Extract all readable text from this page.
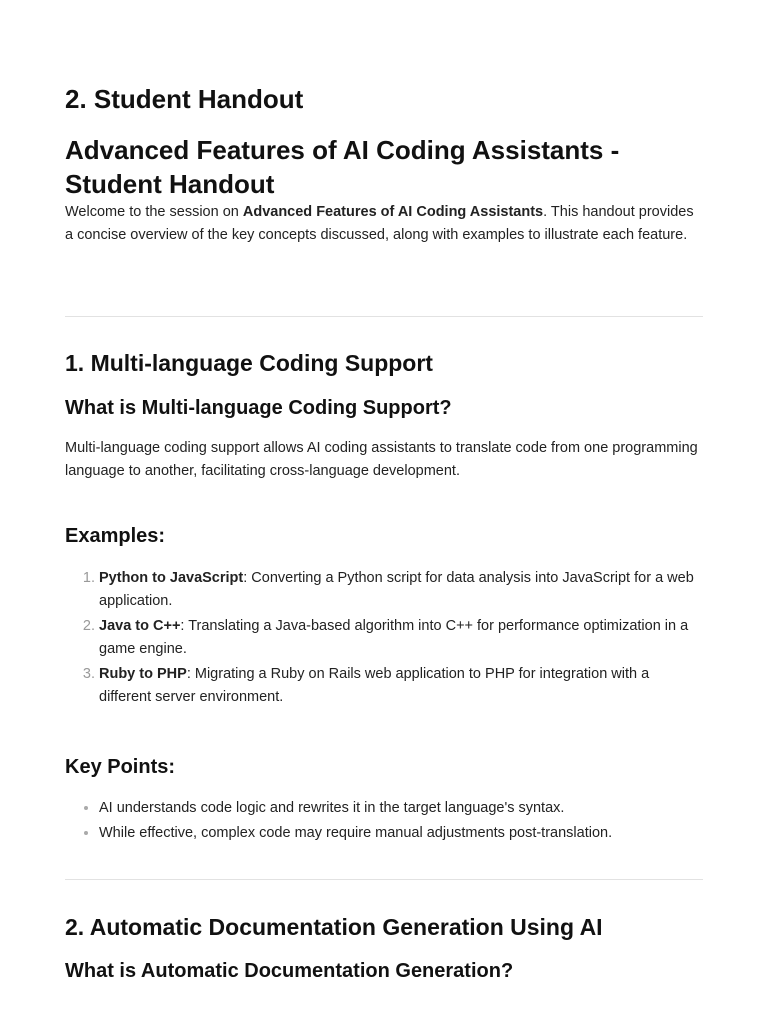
2. Student Handout
Advanced Features of AI Coding Assistants - Student Handout

Welcome to the session on Advanced Features of AI Coding Assistants. This handout provides a concise overview of the key concepts discussed, along with examples to illustrate each feature.

1. Multi-language Coding Support
What is Multi-language Coding Support?

Multi-language coding support allows AI coding assistants to translate code from one programming language to another, facilitating cross-language development.

Examples:
1. Python to JavaScript: Converting a Python script for data analysis into JavaScript for a web application.
2. Java to C++: Translating a Java-based algorithm into C++ for performance optimization in a game engine.
3. Ruby to PHP: Migrating a Ruby on Rails web application to PHP for integration with a different server environment.
Key Points:
• AI understands code logic and rewrites it in the target language's syntax.
• While effective, complex code may require manual adjustments post-translation.
2. Automatic Documentation Generation Using AI
What is Automatic Documentation Generation?
